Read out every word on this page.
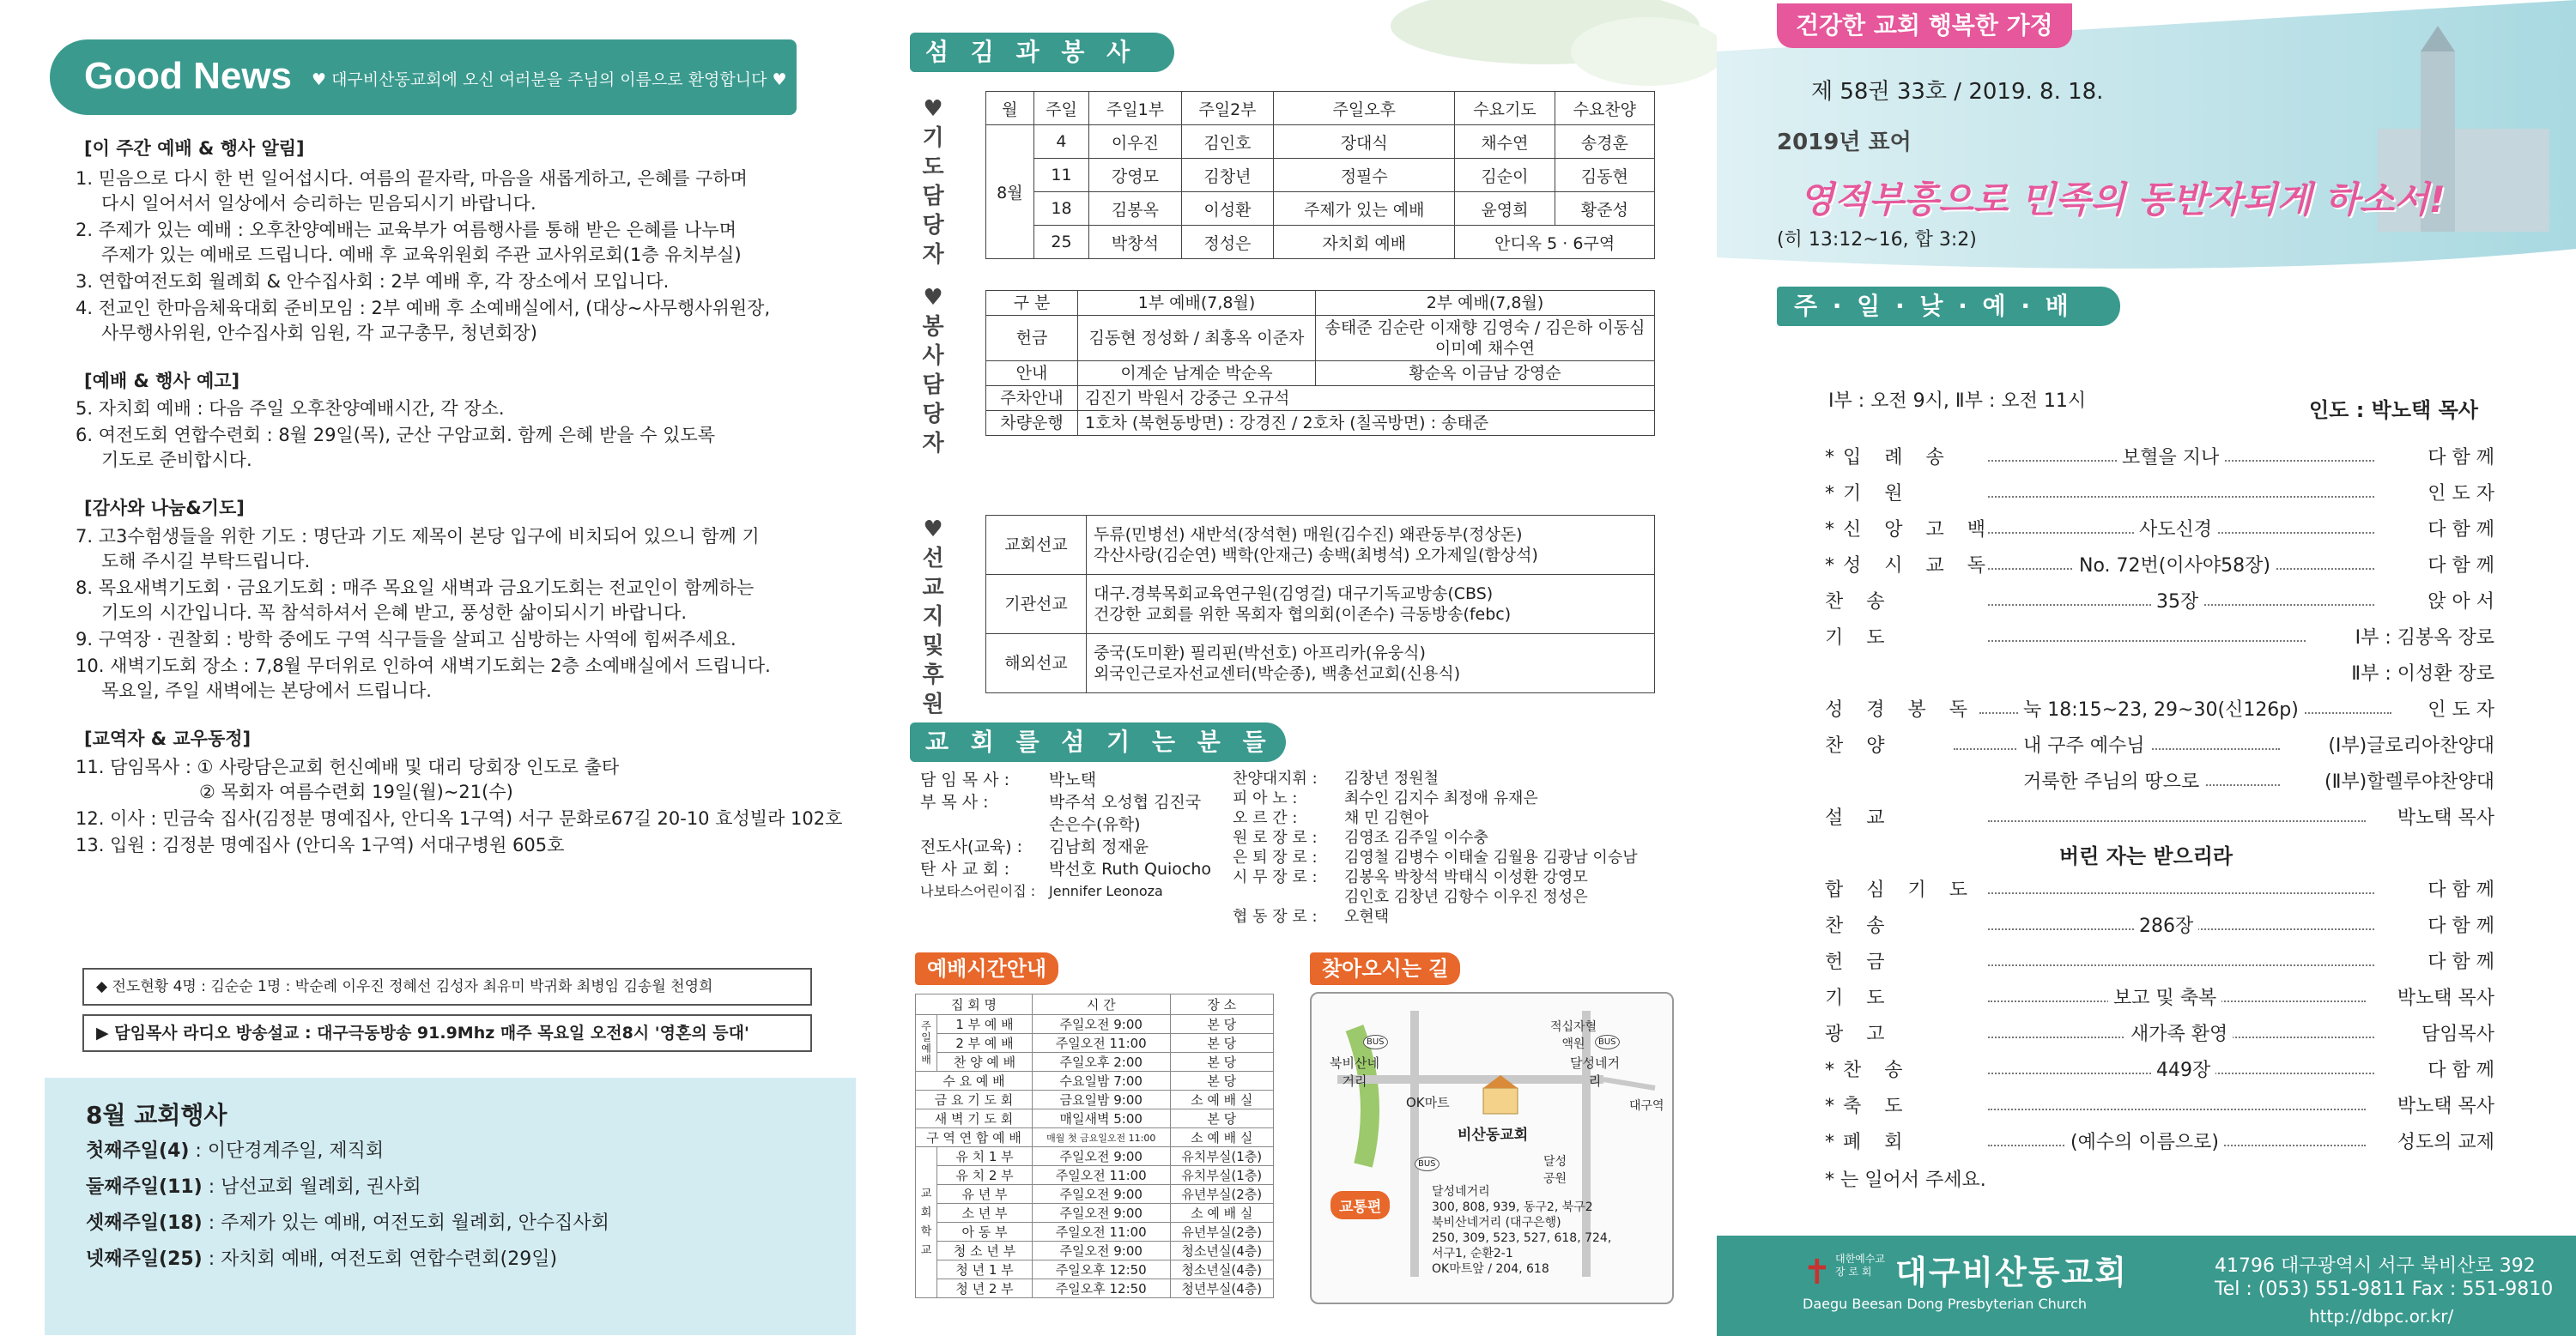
Good News ♥ 대구비산동교회에 오신 여러분을 주님의 이름으로 환영합니다 ♥
[이 주간 예배 & 행사 알림]
1. 믿음으로 다시 한 번 일어섭시다. 여름의 끝자락, 마음을 새롭게하고, 은혜를 구하며
다시 일어서서 일상에서 승리하는 믿음되시기 바랍니다.
2. 주제가 있는 예배 : 오후찬양예배는 교육부가 여름행사를 통해 받은 은혜를 나누며
주제가 있는 예배로 드립니다. 예배 후 교육위원회 주관 교사위로회(1층 유치부실)
3. 연합여전도회 월례회 & 안수집사회 : 2부 예배 후, 각 장소에서 모입니다.
4. 전교인 한마음체육대회 준비모임 : 2부 예배 후 소예배실에서, (대상~사무행사위원장,
사무행사위원, 안수집사회 임원, 각 교구총무, 청년회장)
[예배 & 행사 예고]
5. 자치회 예배 : 다음 주일 오후찬양예배시간, 각 장소.
6. 여전도회 연합수련회 : 8월 29일(목), 군산 구암교회. 함께 은혜 받을 수 있도록
기도로 준비합시다.
[감사와 나눔&기도]
7. 고3수험생들을 위한 기도 : 명단과 기도 제목이 본당 입구에 비치되어 있으니 함께 기
도해 주시길 부탁드립니다.
8. 목요새벽기도회 · 금요기도회 : 매주 목요일 새벽과 금요기도회는 전교인이 함께하는
기도의 시간입니다. 꼭 참석하셔서 은혜 받고, 풍성한 삶이되시기 바랍니다.
9. 구역장 · 권찰회 : 방학 중에도 구역 식구들을 살피고 심방하는 사역에 힘써주세요.
10. 새벽기도회 장소 : 7,8월 무더위로 인하여 새벽기도회는 2층 소예배실에서 드립니다.
목요일, 주일 새벽에는 본당에서 드립니다.
[교역자 & 교우동정]
11. 담임목사 : ① 사랑담은교회 헌신예배 및 대리 당회장 인도로 출타
② 목회자 여름수련회 19일(월)~21(수)
12. 이사 : 민금숙 집사(김정분 명예집사, 안디옥 1구역) 서구 문화로67길 20-10 효성빌라 102호
13. 입원 : 김정분 명예집사 (안디옥 1구역) 서대구병원 605호
◆ 전도현황 4명 : 김순순 1명 : 박순례 이우진 정혜선 김성자 최유미 박귀화 최병임 김송월 천영희
▶ 담임목사 라디오 방송설교 : 대구극동방송 91.9Mhz 매주 목요일 오전8시 '영혼의 등대'
8월 교회행사
첫째주일(4) : 이단경계주일, 제직회
둘째주일(11) : 남선교회 월례회, 권사회
셋째주일(18) : 주제가 있는 예배, 여전도회 월례회, 안수집사회
넷째주일(25) : 자치회 예배, 여전도회 연합수련회(29일)
섬 김 과 봉 사
♥
기
도
담
당
자
♥
봉
사
담
당
자
♥
선
교
지
및
후
원
월	주일	주일1부	주일2부	주일오후	수요기도	수요찬양
8월	4	이우진	김인호	장대식	채수연	송경훈
	11	강영모	김창년	정필수	김순이	김동현
	18	김봉옥	이성환	주제가 있는 예배	윤영희	황준성
	25	박창석	정성은	자치회 예배	안디옥 5 · 6구역	
구 분	1부 예배(7,8월)	2부 예배(7,8월)
헌금	김동현 정성화 / 최홍옥 이준자	송태준 김순란 이재향 김영숙 / 김은하 이동심 이미예 채수연
안내	이계순 남계순 박순옥	황순옥 이금남 강영순
주차안내	김진기 박원서 강중근 오규석	
차량운행	1호차 (북현동방면) : 강경진 / 2호차 (칠곡방면) : 송태준	
교회선교	두류(민병선) 새반석(장석현) 매원(김수진) 왜관동부(정상돈)
각산사랑(김순연) 백학(안재근) 송백(최병석) 오가제일(함상석)

기관선교	대구.경북목회교육연구원(김영걸) 대구기독교방송(CBS)
건강한 교회를 위한 목회자 협의회(이존수) 극동방송(febc)

해외선교	중국(도미환) 필리핀(박선호) 아프리카(유웅식)
외국인근로자선교센터(박순종), 백총선교회(신용식)
교 회 를 섬 기 는 분 들
담 임 목 사 : 박노택
부 목 사 :	박주석 오성협 김진국
손은수(유학)
전도사(교육) : 김남희 정재윤
탄 사 교 회 : 박선호 Ruth Quiocho
나보타스어린이집 : Jennifer Leonoza
찬양대지휘 : 김창년 정원철
피 아 노 :	최수인 김지수 최정애 유재은
오 르 간 :	채 민 김현아
원 로 장 로 : 김영조 김주일 이수충
은 퇴 장 로 : 김영철 김병수 이태술 김월용 김광남 이승남
시 무 장 로 : 김봉옥 박창석 박태식 이성환 강영모
김인호 김창년 김항수 이우진 정성은
협 동 장 로 : 오현택
예배시간안내	찾아오시는 길
집 회 명		시 간	장 소
주일예배	1 부 예 배	주일오전 9:00	본 당
	2 부 예 배	주일오전 11:00	본 당
	찬 양 예 배	주일오후 2:00	본 당
수 요 예 배		수요일밤 7:00	본 당
금 요 기 도 회		금요일밤 9:00	소 예 배 실
새 벽 기 도 회		매일새벽 5:00	본 당
구 역 연 합 예 배		매월 첫 금요일오전 11:00	소 예 배 실
교회학교	유 치 1 부	주일오전 9:00	유치부실(1층)
	유 치 2 부	주일오전 11:00	유치부실(1층)
	유 년 부	주일오전 9:00	유년부실(2층)
	소 년 부	주일오전 9:00	소 예 배 실
	아 동 부	주일오전 11:00	유년부실(2층)
	청 소 년 부	주일오전 9:00	청소년실(4층)
	청 년 1 부	주일오후 12:50	청소년실(4층)
	청 년 2 부	주일오후 12:50	청년부실(4층)
북비산네거리
달성네거리
적십자혈액원
OK마트	대구역
비산동교회
달성공원
BUS
BUS
BUS
교통편
달성네거리
300, 808, 939, 동구2, 북구2
북비산네거리 (대구은행)
250, 309, 523, 527, 618, 724,
서구1, 순환2-1
OK마트앞 / 204, 618
건강한 교회 행복한 가정
제 58권 33호 / 2019. 8. 18.
2019년 표어
영적부흥으로 민족의 동반자되게 하소서!
(히 13:12~16, 합 3:2)
주 · 일 · 낮 · 예 · 배
Ⅰ부 : 오전 9시, Ⅱ부 : 오전 11시	인도 : 박노택 목사
*입 례 송	보혈을 지나	다 함 께
*기 원	인 도 자
*신 앙 고 백	사도신경	다 함 께
*성 시 교 독	No. 72번(이사야58장)	다 함 께
찬 송	35장	앉 아 서
기 도	Ⅰ부 : 김봉옥 장로
Ⅱ부 : 이성환 장로
성 경 봉 독	눅 18:15~23, 29~30(신126p)	인 도 자
찬 양	내 구주 예수님	(Ⅰ부)글로리아찬양대
거룩한 주님의 땅으로	(Ⅱ부)할렐루야찬양대
설 교	박노택 목사
버린 자는 받으리라
합 심 기 도	다 함 께
찬 송	286장	다 함 께
헌 금	다 함 께
기 도	보고 및 축복	박노택 목사
광 고	새가족 환영	담임목사
*찬 송	449장	다 함 께
*축 도	박노택 목사
*폐 회	(예수의 이름으로)	성도의 교제
* 는 일어서 주세요.
✝ 대한예수교
장 로 회 대구비산동교회
Daegu Beesan Dong Presbyterian Church
41796 대구광역시 서구 북비산로 392
Tel : (053) 551-9811 Fax : 551-9810
http://dbpc.or.kr/
